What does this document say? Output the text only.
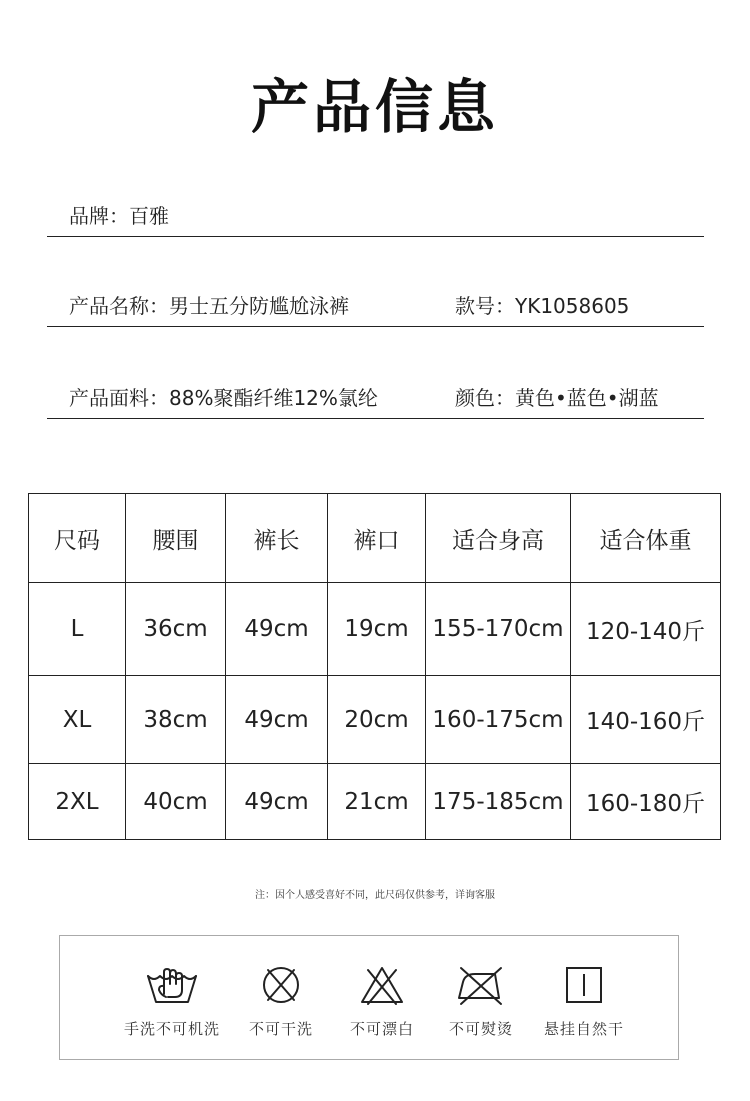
产品信息
品牌：百雅
产品名称：男士五分防尴尬泳裤	款号：YK1058605
产品面料：88%聚酯纤维12%氯纶	颜色：黄色•蓝色•湖蓝
尺码	腰围	裤长	裤口	适合身高	适合体重
L	36cm	49cm	19cm	155-170cm	120-140斤
XL	38cm	49cm	20cm	160-175cm	140-160斤
2XL	40cm	49cm	21cm	175-185cm	160-180斤
注：因个人感受喜好不同，此尺码仅供参考，详询客服
手洗不可机洗	不可干洗	不可漂白	不可熨烫	悬挂自然干
